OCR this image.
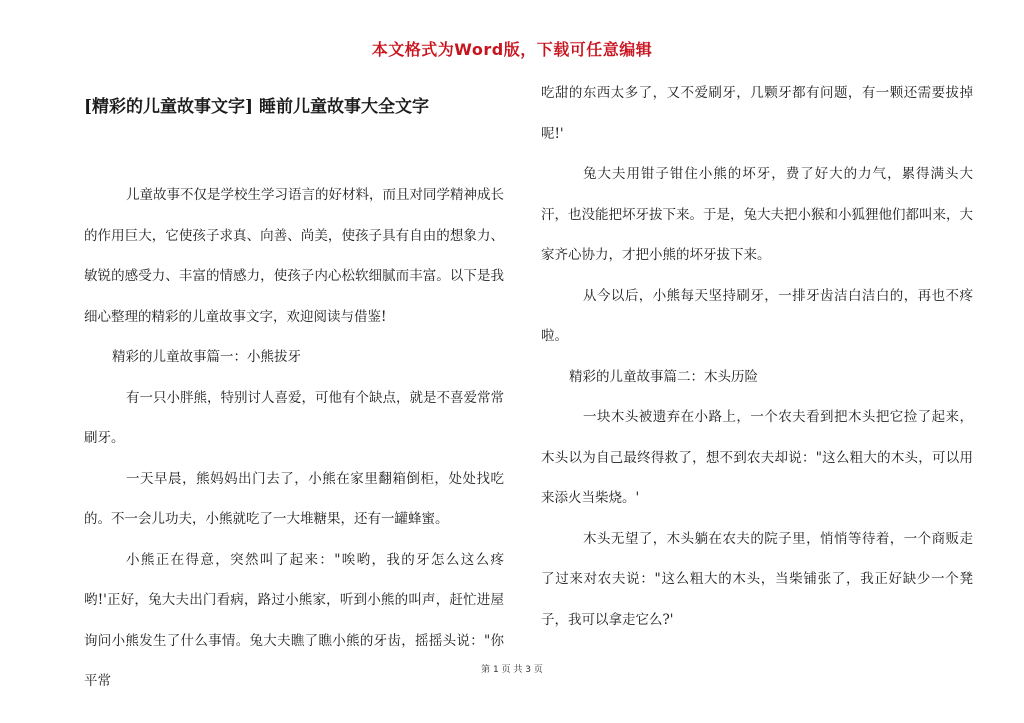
本文格式为Word版，下载可任意编辑
[精彩的儿童故事文字] 睡前儿童故事大全文字

儿童故事不仅是学校生学习语言的好材料，而且对同学精神成长的作用巨大，它使孩子求真、向善、尚美，使孩子具有自由的想象力、敏锐的感受力、丰富的情感力，使孩子内心松软细腻而丰富。以下是我细心整理的精彩的儿童故事文字，欢迎阅读与借鉴!

精彩的儿童故事篇一：小熊拔牙

有一只小胖熊，特别讨人喜爱，可他有个缺点，就是不喜爱常常刷牙。

一天早晨，熊妈妈出门去了，小熊在家里翻箱倒柜，处处找吃的。不一会儿功夫，小熊就吃了一大堆糖果，还有一罐蜂蜜。

小熊正在得意，突然叫了起来："唉哟，我的牙怎么这么疼哟!'正好，兔大夫出门看病，路过小熊家，听到小熊的叫声，赶忙进屋询问小熊发生了什么事情。兔大夫瞧了瞧小熊的牙齿，摇摇头说："你平常

吃甜的东西太多了，又不爱刷牙，几颗牙都有问题，有一颗还需要拔掉呢!'

兔大夫用钳子钳住小熊的坏牙，费了好大的力气，累得满头大汗，也没能把坏牙拔下来。于是，兔大夫把小猴和小狐狸他们都叫来，大家齐心协力，才把小熊的坏牙拔下来。

从今以后，小熊每天坚持刷牙，一排牙齿洁白洁白的，再也不疼啦。

精彩的儿童故事篇二：木头历险

一块木头被遗弃在小路上，一个农夫看到把木头把它捡了起来，木头以为自己最终得救了，想不到农夫却说："这么粗大的木头，可以用来添火当柴烧。'

木头无望了，木头躺在农夫的院子里，悄悄等待着，一个商贩走了过来对农夫说："这么粗大的木头，当柴铺张了，我正好缺少一个凳子，我可以拿走它么?'

第 1 页 共 3 页
